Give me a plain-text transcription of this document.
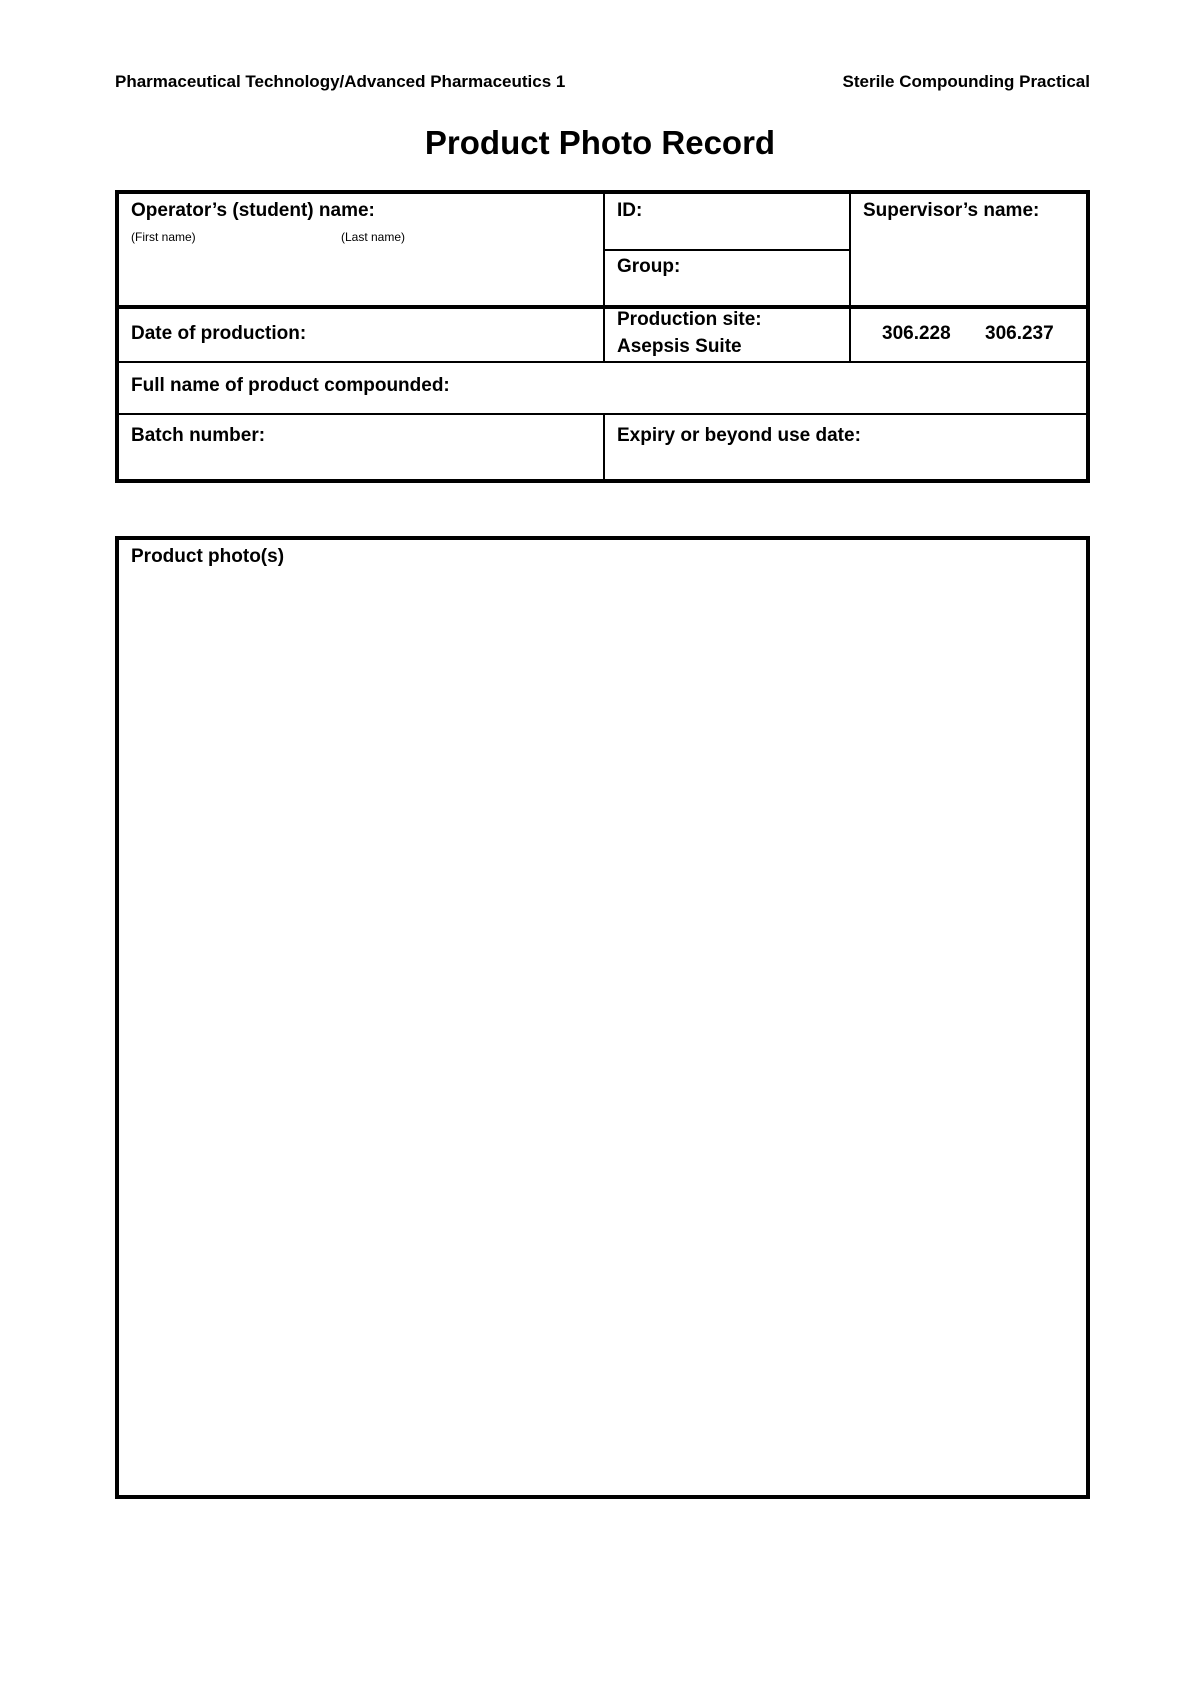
Pharmaceutical Technology/Advanced Pharmaceutics 1	Sterile Compounding Practical
Product Photo Record
Operator’s (student) name:
(First name)	(Last name)
ID:
Group:
Supervisor’s name:
Date of production:
Production site:
Asepsis Suite
306.228 306.237
Full name of product compounded:
Batch number:	Expiry or beyond use date:
Product photo(s)
